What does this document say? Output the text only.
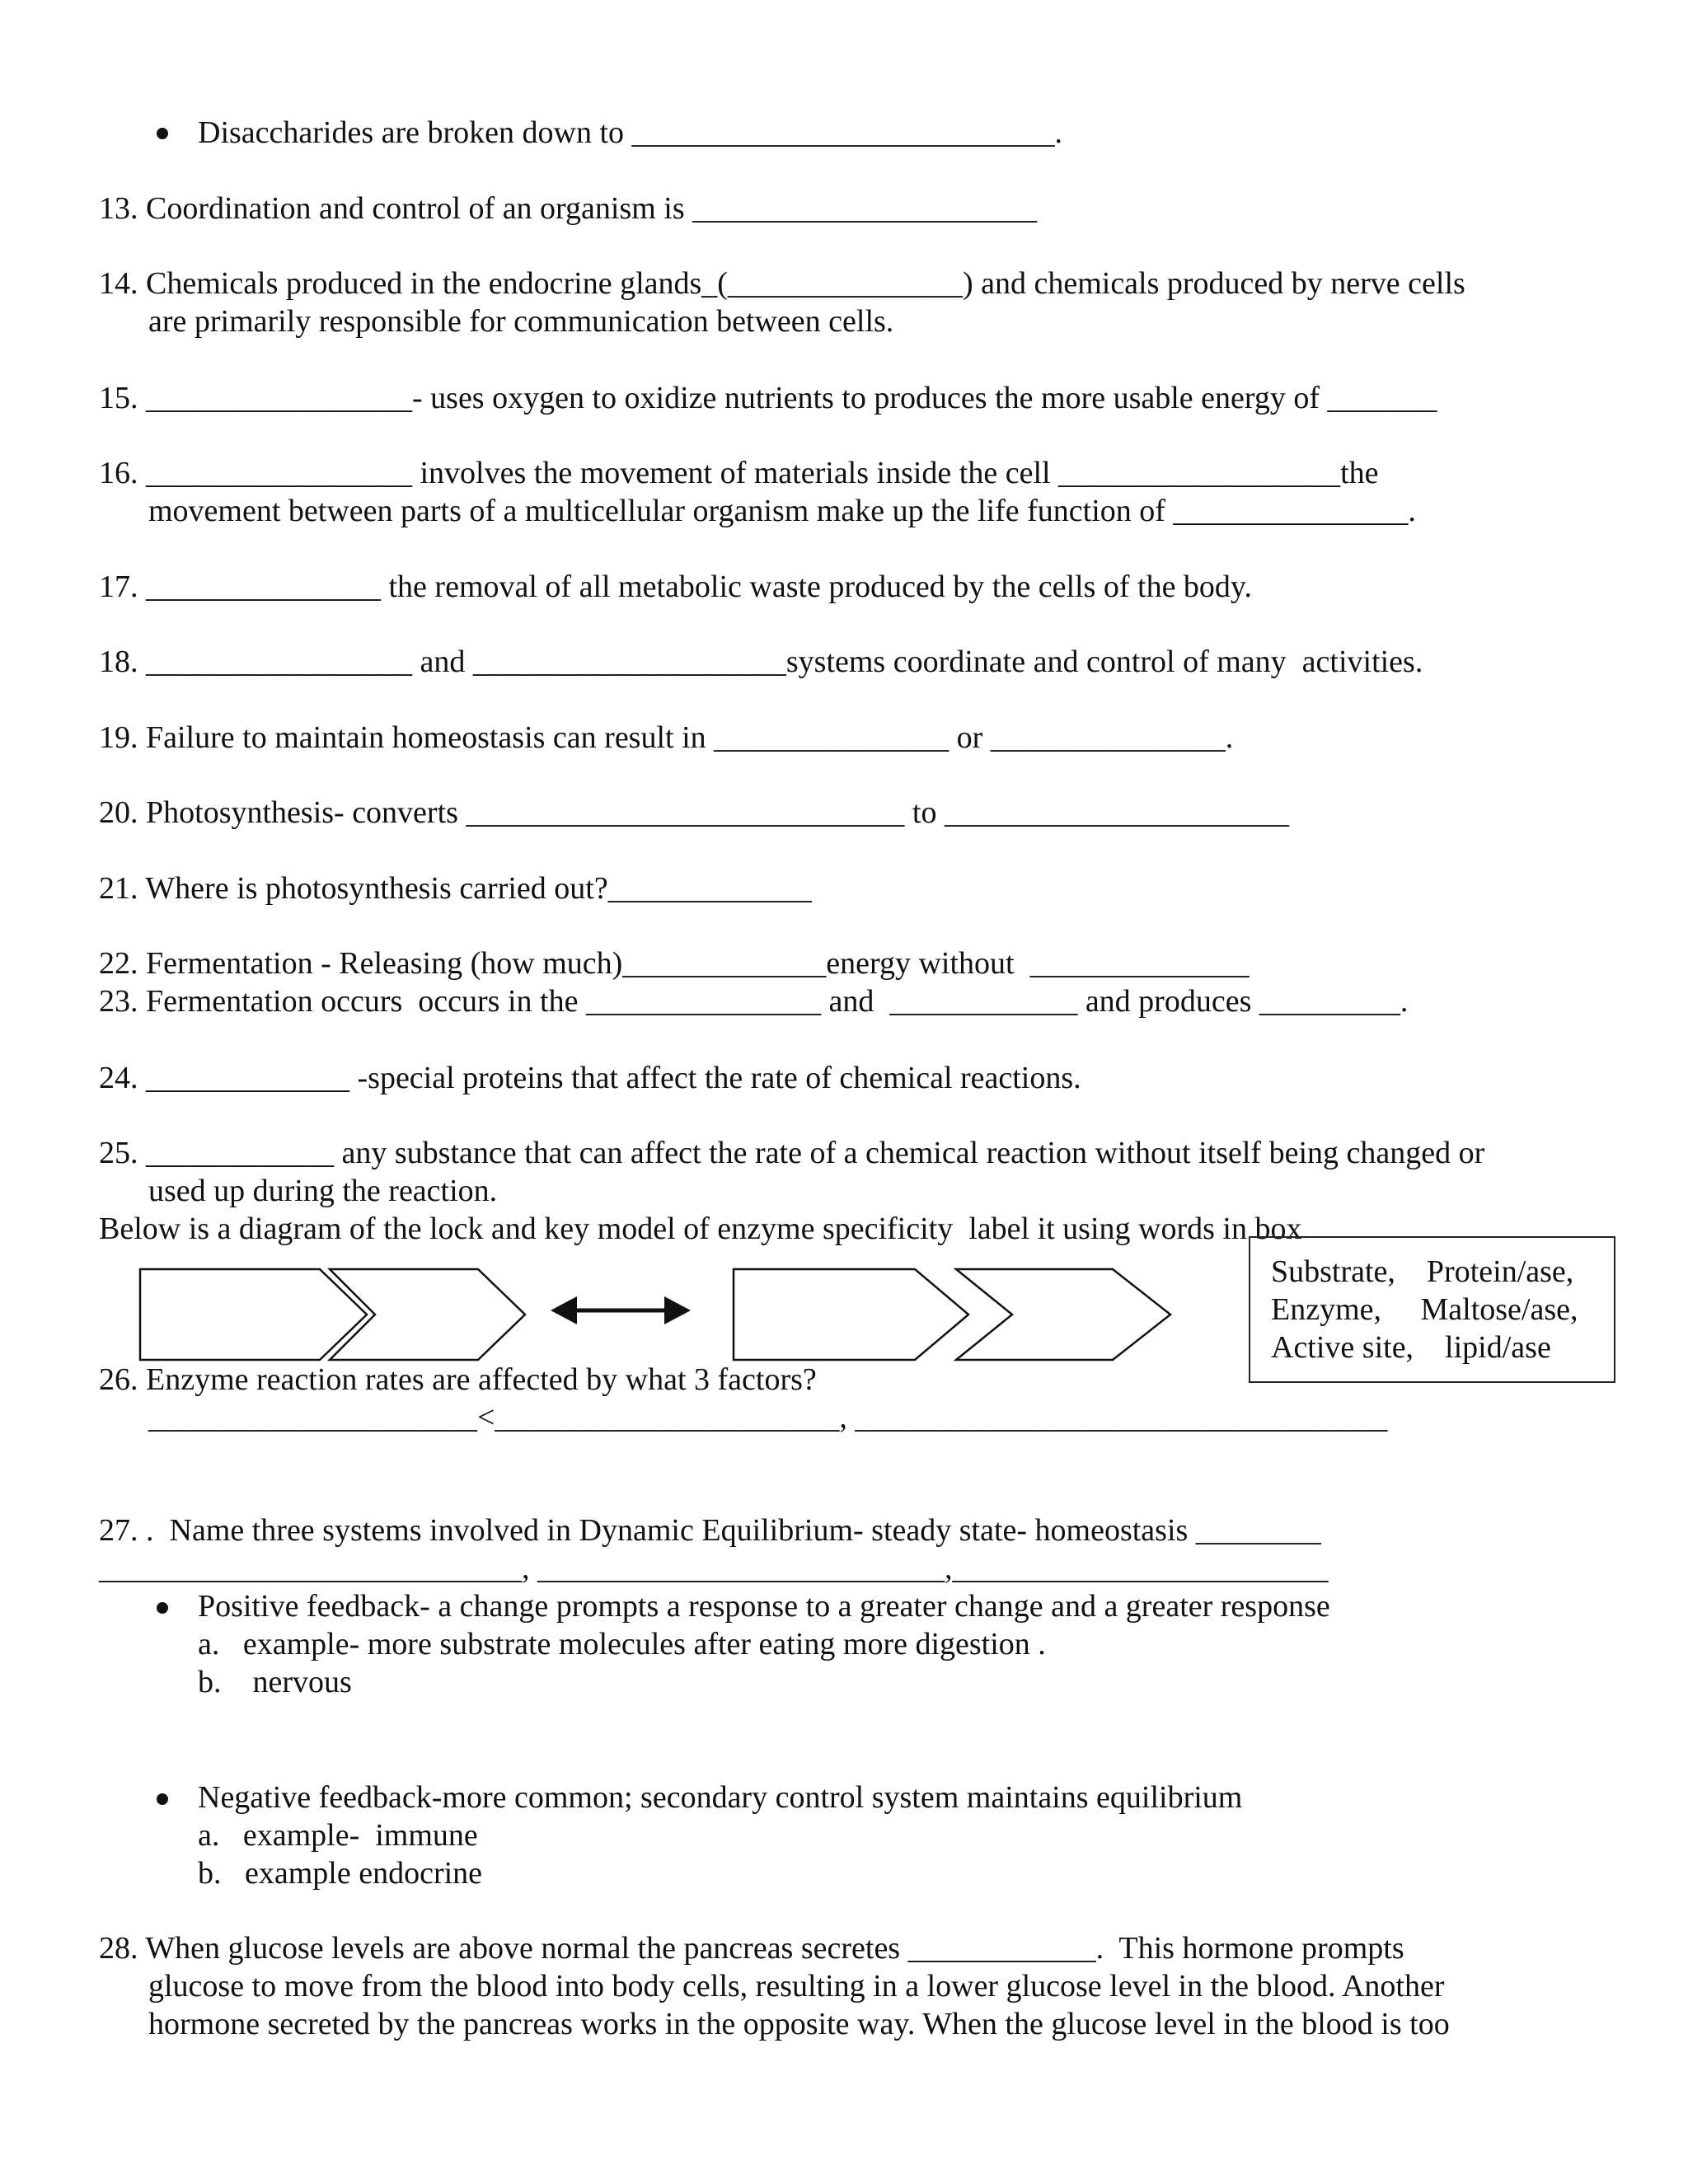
Disaccharides are broken down to ___________________________.
13. Coordination and control of an organism is ______________________
14. Chemicals produced in the endocrine glands_(_______________) and chemicals produced by nerve cells
are primarily responsible for communication between cells.
15. _________________- uses oxygen to oxidize nutrients to produces the more usable energy of _______
16. _________________ involves the movement of materials inside the cell __________________the
movement between parts of a multicellular organism make up the life function of _______________.
17. _______________ the removal of all metabolic waste produced by the cells of the body.
18. _________________ and ____________________systems coordinate and control of many  activities.
19. Failure to maintain homeostasis can result in _______________ or _______________.
20. Photosynthesis- converts ____________________________ to ______________________
21. Where is photosynthesis carried out?_____________
22. Fermentation - Releasing (how much)_____________energy without  ______________
23. Fermentation occurs  occurs in the _______________ and  ____________ and produces _________.
24. _____________ -special proteins that affect the rate of chemical reactions.
25. ____________ any substance that can affect the rate of a chemical reaction without itself being changed or
used up during the reaction.
Below is a diagram of the lock and key model of enzyme specificity  label it using words in box
Substrate,    Protein/ase,
Enzyme,     Maltose/ase,
Active site,    lipid/ase
26. Enzyme reaction rates are affected by what 3 factors?
_____________________<______________________, __________________________________
27. .  Name three systems involved in Dynamic Equilibrium- steady state- homeostasis ________
___________________________, __________________________,________________________
Positive feedback- a change prompts a response to a greater change and a greater response
a.   example- more substrate molecules after eating more digestion .
b.    nervous
Negative feedback-more common; secondary control system maintains equilibrium
a.   example-  immune
b.   example endocrine
28. When glucose levels are above normal the pancreas secretes ____________.  This hormone prompts
glucose to move from the blood into body cells, resulting in a lower glucose level in the blood. Another
hormone secreted by the pancreas works in the opposite way. When the glucose level in the blood is too
